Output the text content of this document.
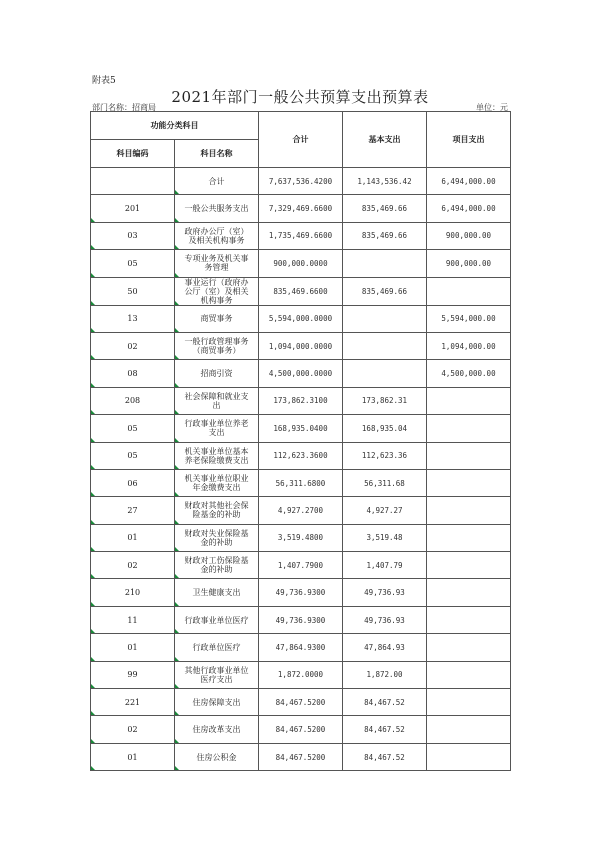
附表5
2021年部门一般公共预算支出预算表
部门名称：招商局	单位：元
功能分类科目		合计	基本支出	项目支出
科目编码	科目名称			
	合计	7,637,536.4200	1,143,536.42	6,494,000.00
201	一般公共服务支出	7,329,469.6600	835,469.66	6,494,000.00
03	政府办公厅（室）及相关机构事务	1,735,469.6600	835,469.66	900,000.00
05	专项业务及机关事务管理	900,000.0000		900,000.00
50	事业运行（政府办公厅（室）及相关机构事务	835,469.6600	835,469.66	
13	商贸事务	5,594,000.0000		5,594,000.00
02	一般行政管理事务（商贸事务）	1,094,000.0000		1,094,000.00
08	招商引资	4,500,000.0000		4,500,000.00
208	社会保障和就业支出	173,862.3100	173,862.31	
05	行政事业单位养老支出	168,935.0400	168,935.04	
05	机关事业单位基本养老保险缴费支出	112,623.3600	112,623.36	
06	机关事业单位职业年金缴费支出	56,311.6800	56,311.68	
27	财政对其他社会保险基金的补助	4,927.2700	4,927.27	
01	财政对失业保险基金的补助	3,519.4800	3,519.48	
02	财政对工伤保险基金的补助	1,407.7900	1,407.79	
210	卫生健康支出	49,736.9300	49,736.93	
11	行政事业单位医疗	49,736.9300	49,736.93	
01	行政单位医疗	47,864.9300	47,864.93	
99	其他行政事业单位医疗支出	1,872.0000	1,872.00	
221	住房保障支出	84,467.5200	84,467.52	
02	住房改革支出	84,467.5200	84,467.52	
01	住房公积金	84,467.5200	84,467.52	
